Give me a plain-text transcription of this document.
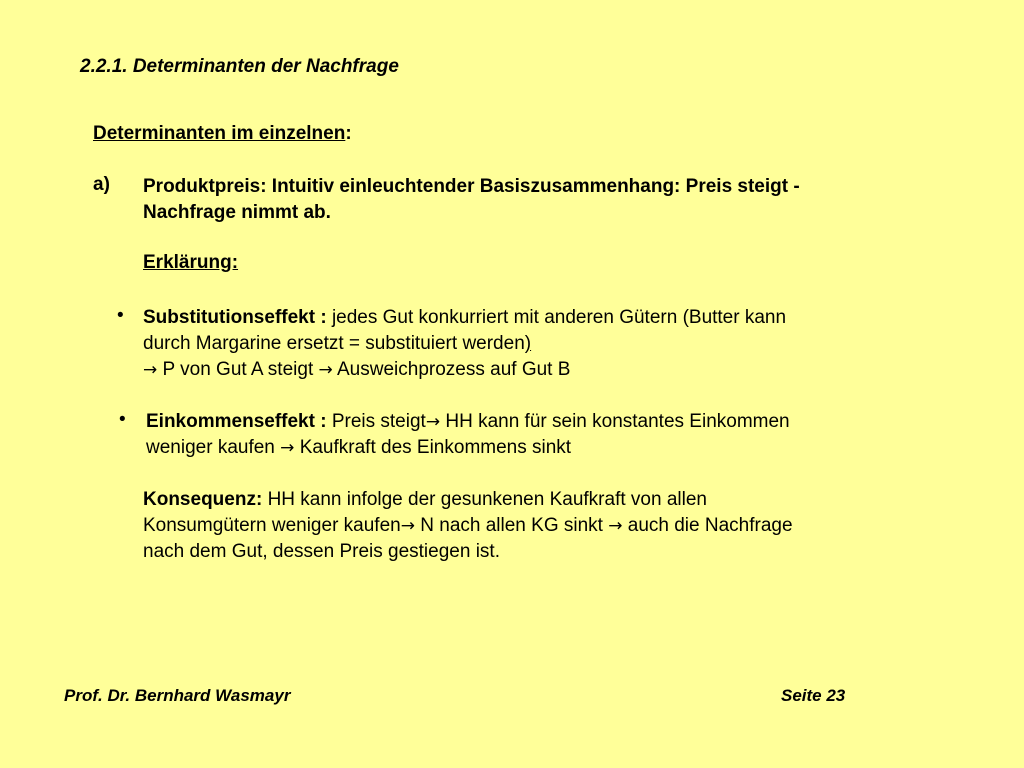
2.2.1. Determinanten der Nachfrage
Determinanten im einzelnen:
a) Produktpreis: Intuitiv einleuchtender Basiszusammenhang: Preis steigt -
Nachfrage nimmt ab.
Erklärung:
• Substitutionseffekt : jedes Gut konkurriert mit anderen Gütern (Butter kann
durch Margarine ersetzt = substituiert werden)
→ P von Gut A steigt → Ausweichprozess auf Gut B
• Einkommenseffekt : Preis steigt→ HH kann für sein konstantes Einkommen
weniger kaufen → Kaufkraft des Einkommens sinkt
Konsequenz: HH kann infolge der gesunkenen Kaufkraft von allen
Konsumgütern weniger kaufen→ N nach allen KG sinkt → auch die Nachfrage
nach dem Gut, dessen Preis gestiegen ist.
Prof. Dr. Bernhard Wasmayr	Seite 23
